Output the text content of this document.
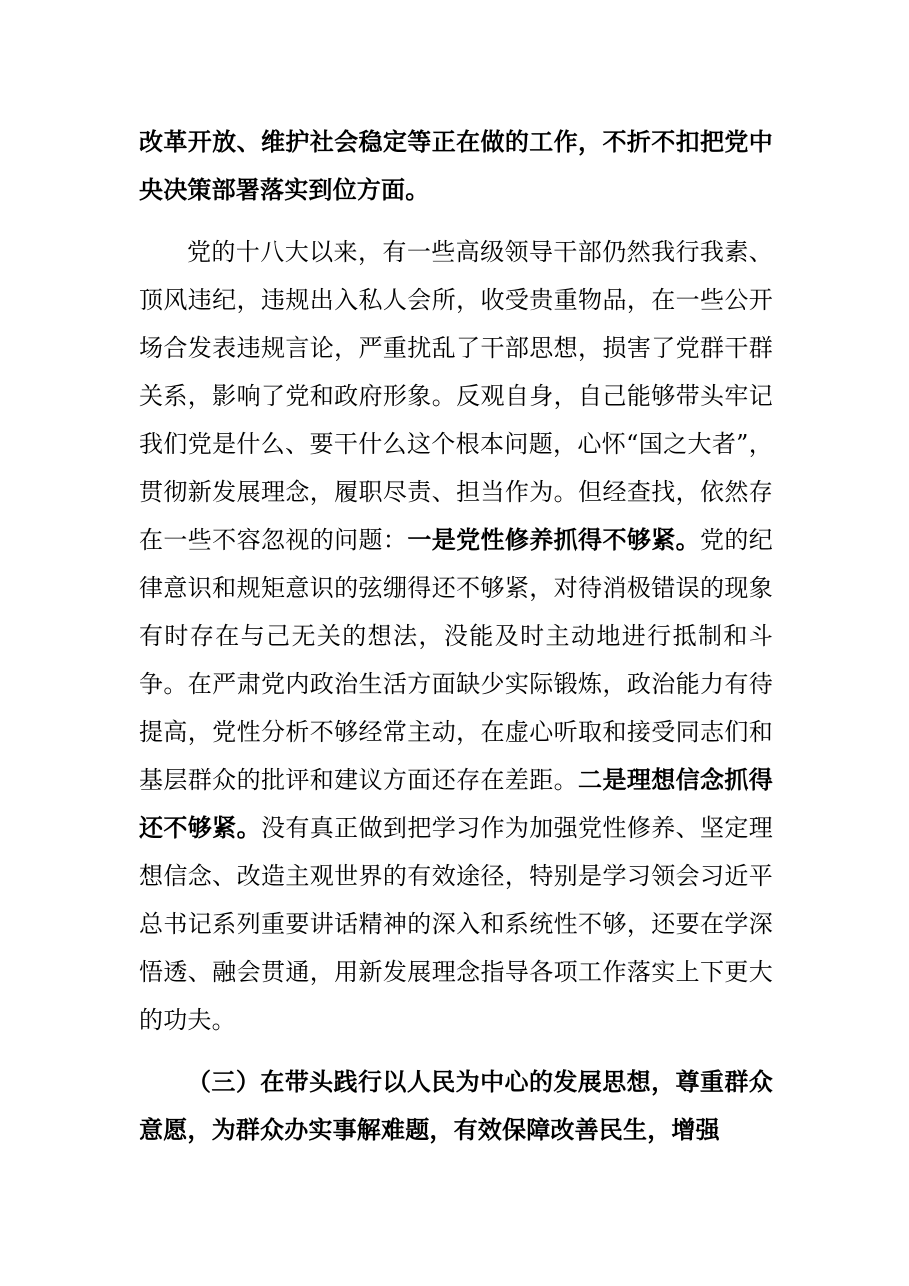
改革开放、维护社会稳定等正在做的工作，不折不扣把党中央决策部署落实到位方面。

党的十八大以来，有一些高级领导干部仍然我行我素、顶风违纪，违规出入私人会所，收受贵重物品，在一些公开场合发表违规言论，严重扰乱了干部思想，损害了党群干群关系，影响了党和政府形象。反观自身，自己能够带头牢记我们党是什么、要干什么这个根本问题，心怀“国之大者”，贯彻新发展理念，履职尽责、担当作为。但经查找，依然存在一些不容忽视的问题：一是党性修养抓得不够紧。党的纪律意识和规矩意识的弦绷得还不够紧，对待消极错误的现象有时存在与己无关的想法，没能及时主动地进行抵制和斗争。在严肃党内政治生活方面缺少实际锻炼，政治能力有待提高，党性分析不够经常主动，在虚心听取和接受同志们和基层群众的批评和建议方面还存在差距。二是理想信念抓得还不够紧。没有真正做到把学习作为加强党性修养、坚定理想信念、改造主观世界的有效途径，特别是学习领会习近平总书记系列重要讲话精神的深入和系统性不够，还要在学深悟透、融会贯通，用新发展理念指导各项工作落实上下更大的功夫。

（三）在带头践行以人民为中心的发展思想，尊重群众意愿，为群众办实事解难题，有效保障改善民生，增强
